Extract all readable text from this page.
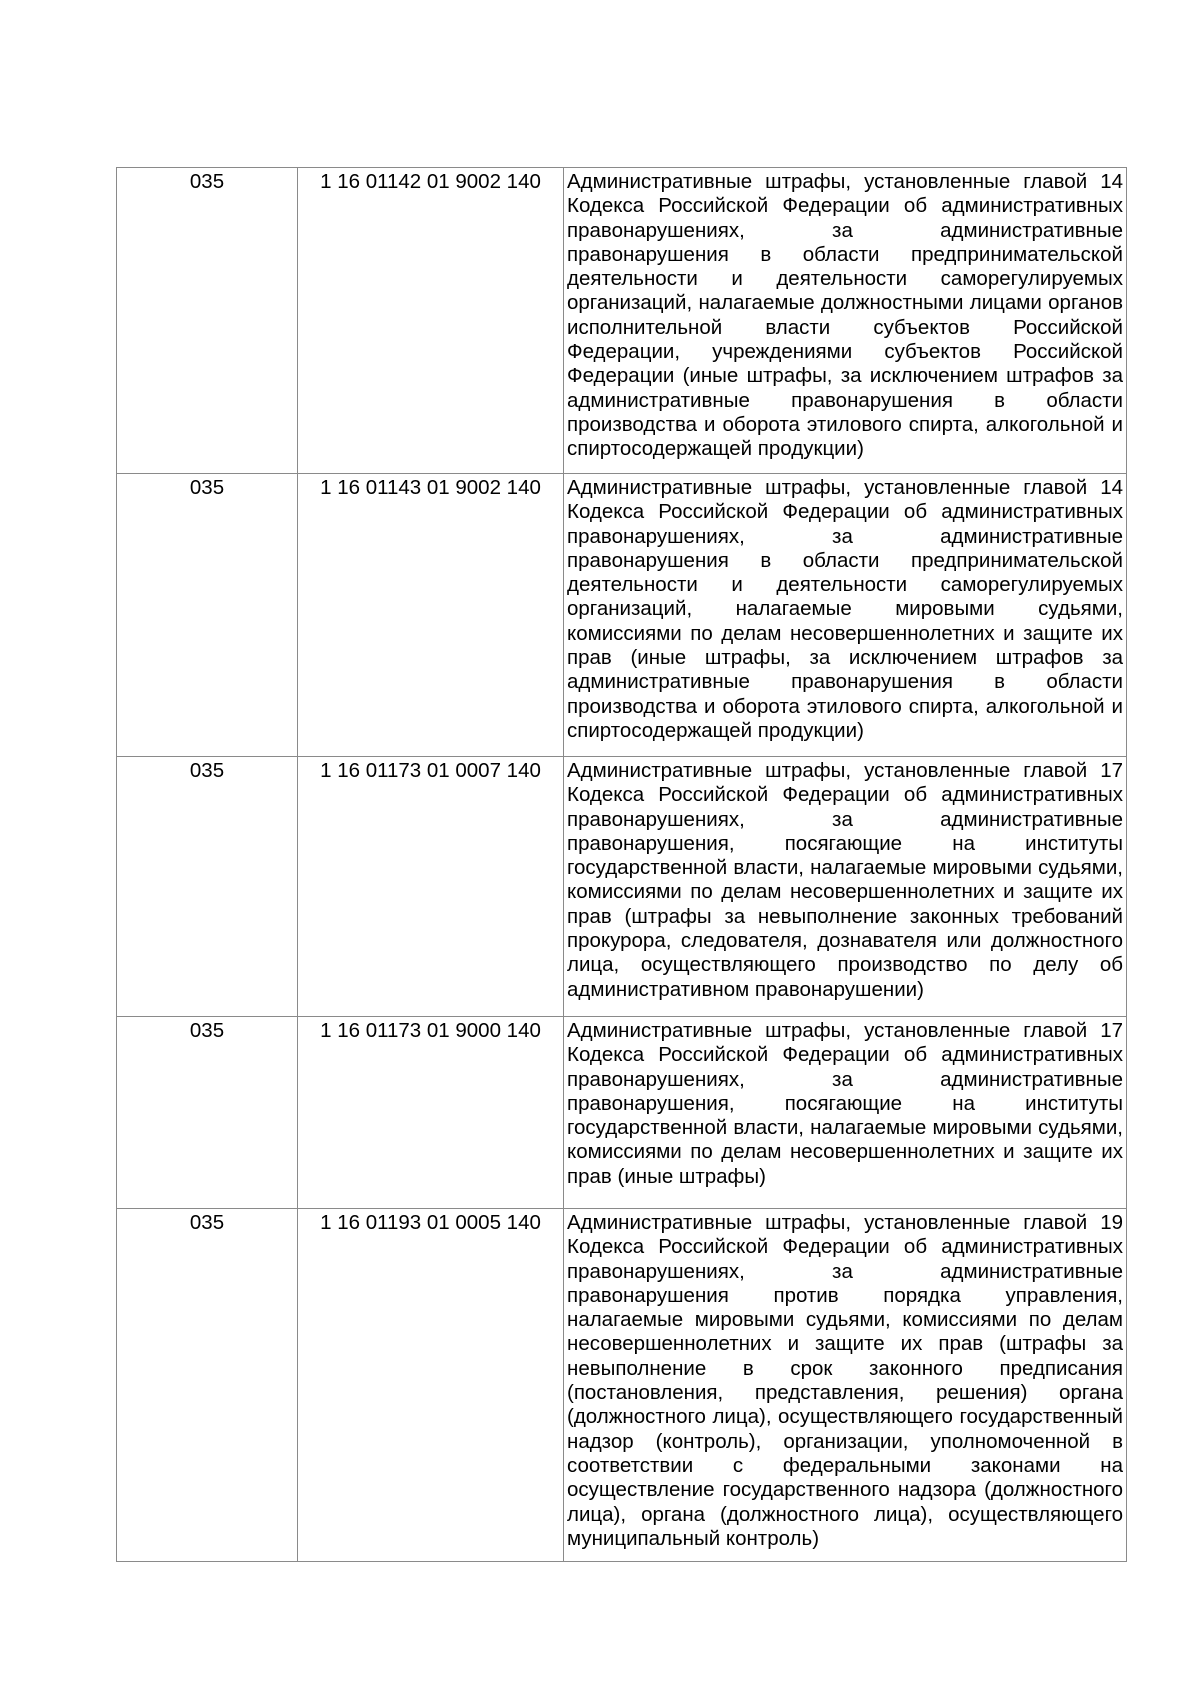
035	1 16 01142 01 9002 140	Административные штрафы, установленные главой 14 Кодекса Российской Федерации об административных правонарушениях, за административные правонарушения в области предпринимательской деятельности и деятельности саморегулируемых организаций, налагаемые должностными лицами органов исполнительной власти субъектов Российской Федерации, учреждениями субъектов Российской Федерации (иные штрафы, за исключением штрафов за административные правонарушения в области производства и оборота этилового спирта, алкогольной и спиртосодержащей продукции)

035	1 16 01143 01 9002 140	Административные штрафы, установленные главой 14 Кодекса Российской Федерации об административных правонарушениях, за административные правонарушения в области предпринимательской деятельности и деятельности саморегулируемых организаций, налагаемые мировыми судьями, комиссиями по делам несовершеннолетних и защите их прав (иные штрафы, за исключением штрафов за административные правонарушения в области производства и оборота этилового спирта, алкогольной и спиртосодержащей продукции)

035	1 16 01173 01 0007 140	Административные штрафы, установленные главой 17 Кодекса Российской Федерации об административных правонарушениях, за административные правонарушения, посягающие на институты государственной власти, налагаемые мировыми судьями, комиссиями по делам несовершеннолетних и защите их прав (штрафы за невыполнение законных требований прокурора, следователя, дознавателя или должностного лица, осуществляющего производство по делу об административном правонарушении)

035	1 16 01173 01 9000 140	Административные штрафы, установленные главой 17 Кодекса Российской Федерации об административных правонарушениях, за административные правонарушения, посягающие на институты государственной власти, налагаемые мировыми судьями, комиссиями по делам несовершеннолетних и защите их прав (иные штрафы)

035	1 16 01193 01 0005 140	Административные штрафы, установленные главой 19 Кодекса Российской Федерации об административных правонарушениях, за административные правонарушения против порядка управления, налагаемые мировыми судьями, комиссиями по делам несовершеннолетних и защите их прав (штрафы за невыполнение в срок законного предписания (постановления, представления, решения) органа (должностного лица), осуществляющего государственный надзор (контроль), организации, уполномоченной в соответствии с федеральными законами на осуществление государственного надзора (должностного лица), органа (должностного лица), осуществляющего муниципальный контроль)
